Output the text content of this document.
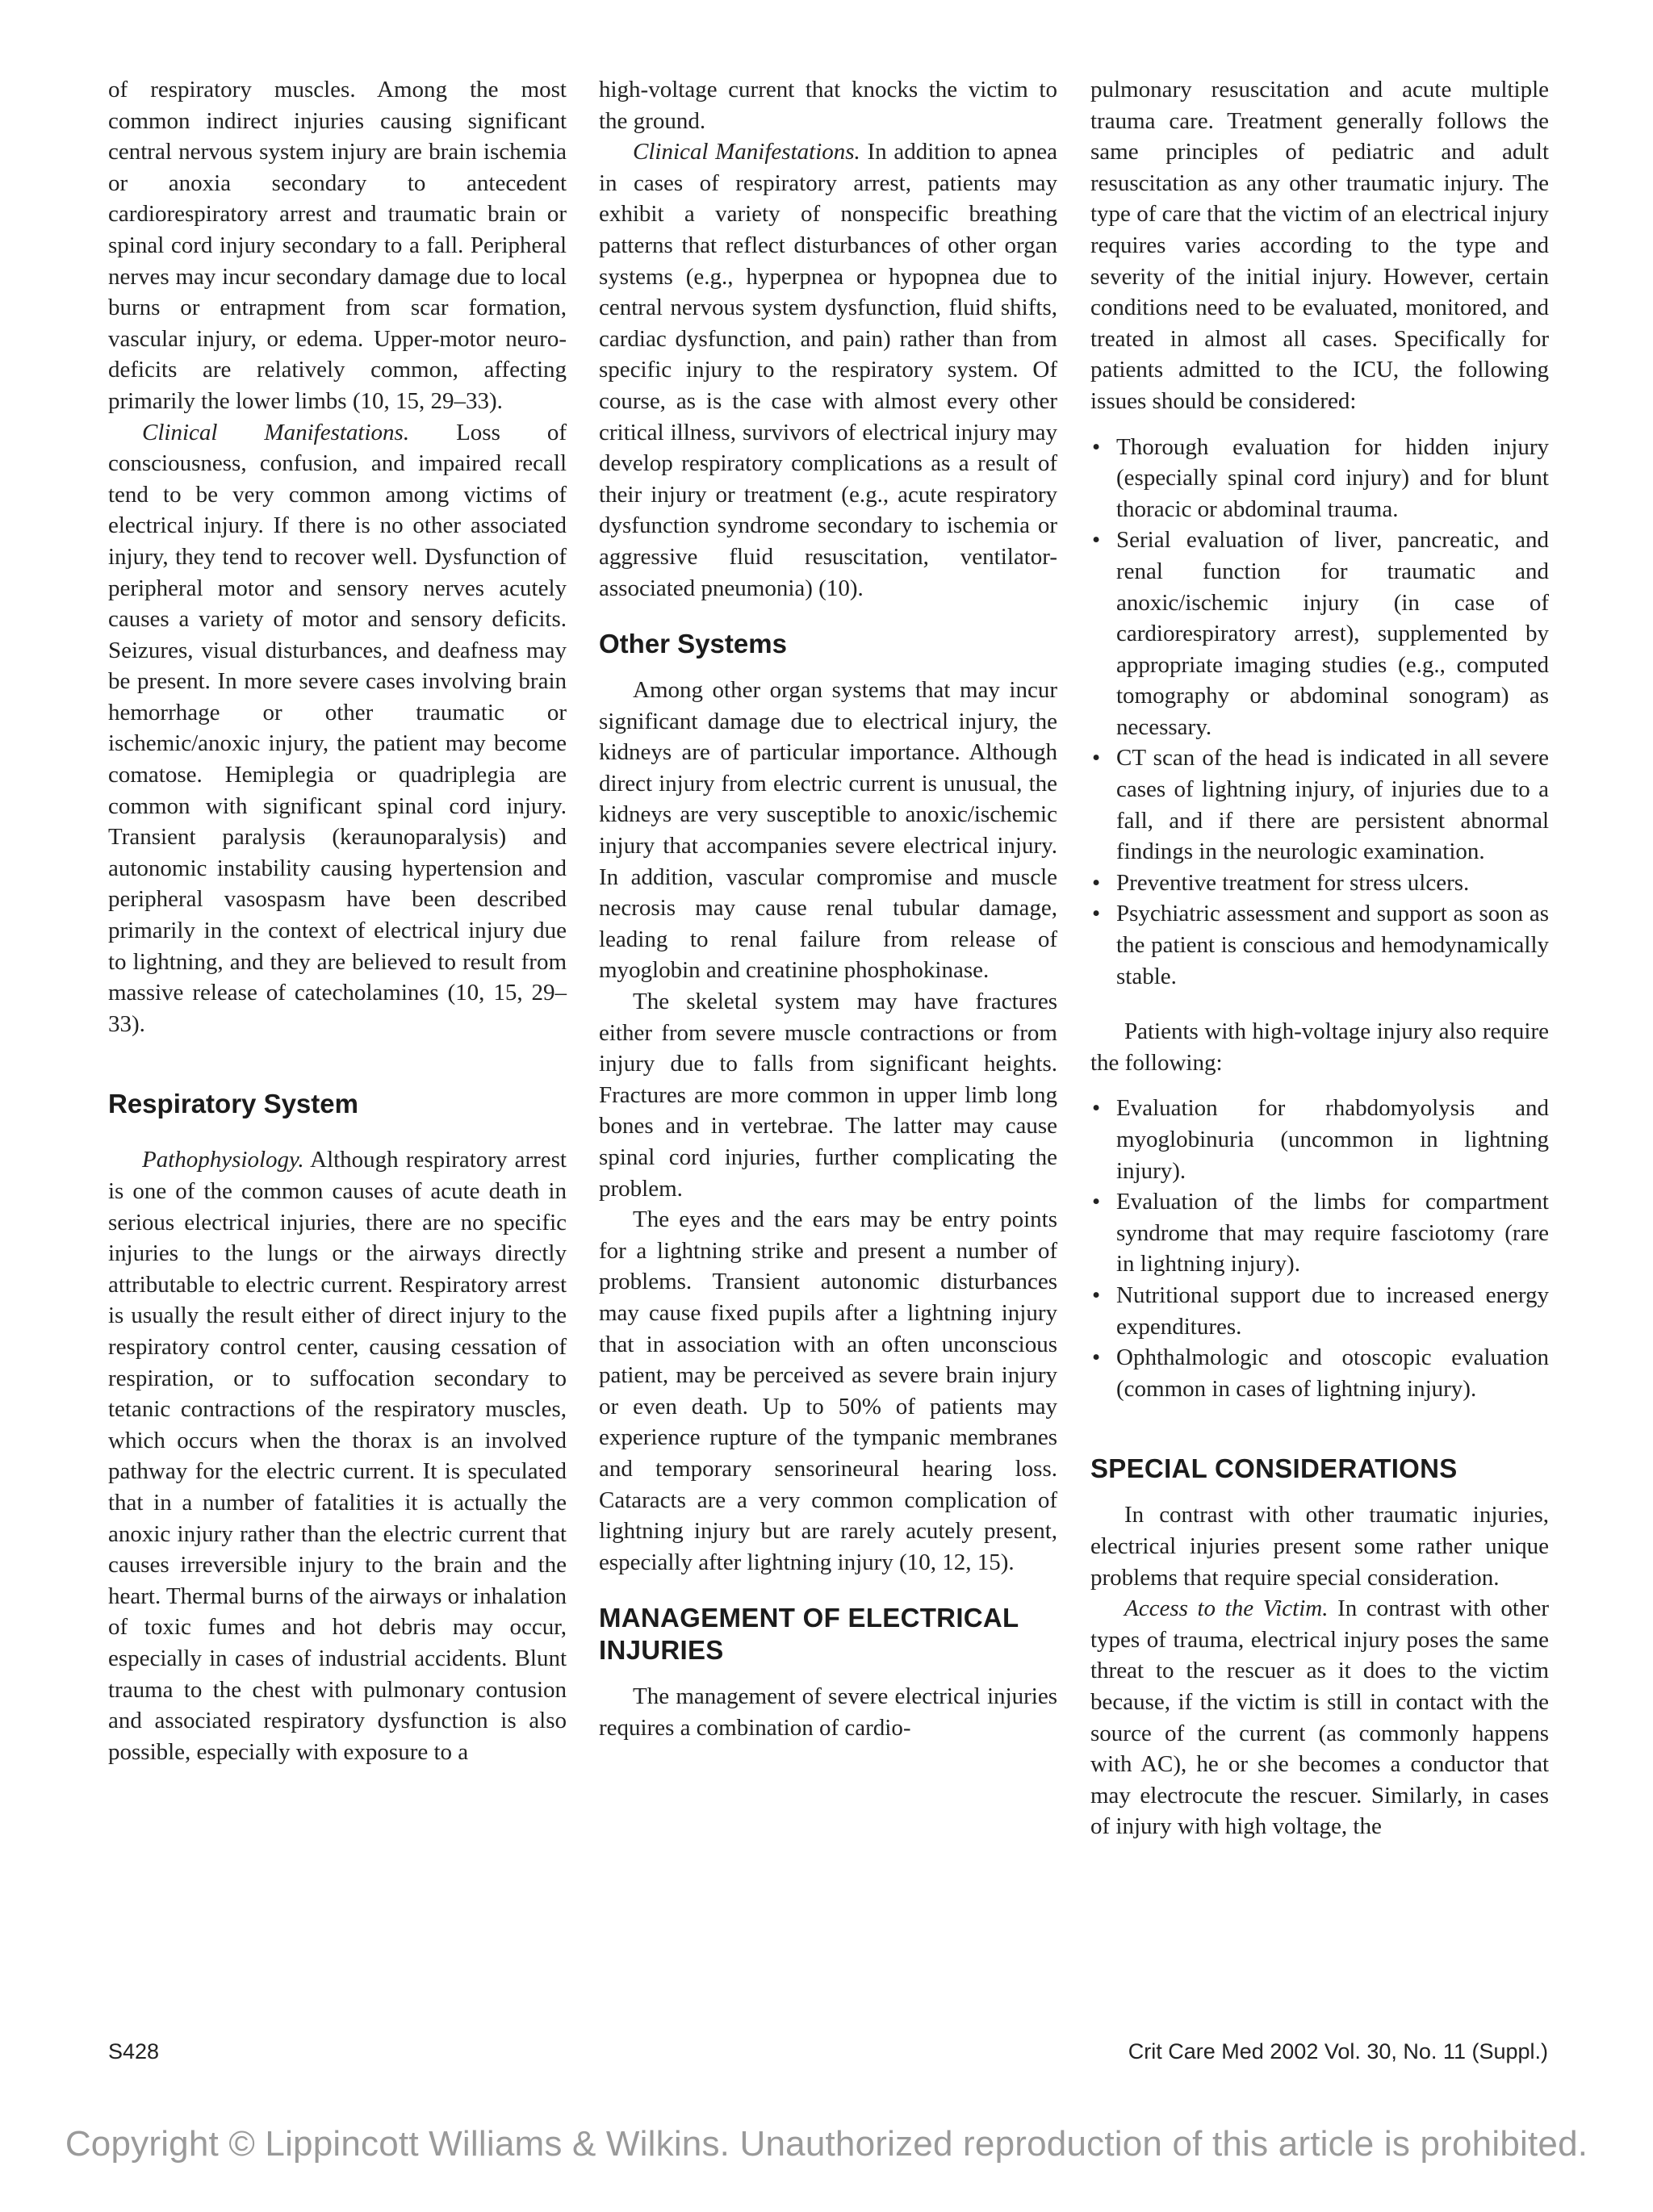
of respiratory muscles. Among the most common indirect injuries causing significant central nervous system injury are brain ischemia or anoxia secondary to antecedent cardiorespiratory arrest and traumatic brain or spinal cord injury secondary to a fall. Peripheral nerves may incur secondary damage due to local burns or entrapment from scar formation, vascular injury, or edema. Upper-motor neuro-deficits are relatively common, affecting primarily the lower limbs (10, 15, 29–33).

Clinical Manifestations. Loss of consciousness, confusion, and impaired recall tend to be very common among victims of electrical injury. If there is no other associated injury, they tend to recover well. Dysfunction of peripheral motor and sensory nerves acutely causes a variety of motor and sensory deficits. Seizures, visual disturbances, and deafness may be present. In more severe cases involving brain hemorrhage or other traumatic or ischemic/anoxic injury, the patient may become comatose. Hemiplegia or quadriplegia are common with significant spinal cord injury. Transient paralysis (keraunoparalysis) and autonomic instability causing hypertension and peripheral vasospasm have been described primarily in the context of electrical injury due to lightning, and they are believed to result from massive release of catecholamines (10, 15, 29–33).

Respiratory System

Pathophysiology. Although respiratory arrest is one of the common causes of acute death in serious electrical injuries, there are no specific injuries to the lungs or the airways directly attributable to electric current. Respiratory arrest is usually the result either of direct injury to the respiratory control center, causing cessation of respiration, or to suffocation secondary to tetanic contractions of the respiratory muscles, which occurs when the thorax is an involved pathway for the electric current. It is speculated that in a number of fatalities it is actually the anoxic injury rather than the electric current that causes irreversible injury to the brain and the heart. Thermal burns of the airways or inhalation of toxic fumes and hot debris may occur, especially in cases of industrial accidents. Blunt trauma to the chest with pulmonary contusion and associated respiratory dysfunction is also possible, especially with exposure to a

high-voltage current that knocks the victim to the ground.

Clinical Manifestations. In addition to apnea in cases of respiratory arrest, patients may exhibit a variety of nonspecific breathing patterns that reflect disturbances of other organ systems (e.g., hyperpnea or hypopnea due to central nervous system dysfunction, fluid shifts, cardiac dysfunction, and pain) rather than from specific injury to the respiratory system. Of course, as is the case with almost every other critical illness, survivors of electrical injury may develop respiratory complications as a result of their injury or treatment (e.g., acute respiratory dysfunction syndrome secondary to ischemia or aggressive fluid resuscitation, ventilator-associated pneumonia) (10).

Other Systems

Among other organ systems that may incur significant damage due to electrical injury, the kidneys are of particular importance. Although direct injury from electric current is unusual, the kidneys are very susceptible to anoxic/ischemic injury that accompanies severe electrical injury. In addition, vascular compromise and muscle necrosis may cause renal tubular damage, leading to renal failure from release of myoglobin and creatinine phosphokinase.

The skeletal system may have fractures either from severe muscle contractions or from injury due to falls from significant heights. Fractures are more common in upper limb long bones and in vertebrae. The latter may cause spinal cord injuries, further complicating the problem.

The eyes and the ears may be entry points for a lightning strike and present a number of problems. Transient autonomic disturbances may cause fixed pupils after a lightning injury that in association with an often unconscious patient, may be perceived as severe brain injury or even death. Up to 50% of patients may experience rupture of the tympanic membranes and temporary sensorineural hearing loss. Cataracts are a very common complication of lightning injury but are rarely acutely present, especially after lightning injury (10, 12, 15).

MANAGEMENT OF ELECTRICAL INJURIES

The management of severe electrical injuries requires a combination of cardio-

pulmonary resuscitation and acute multiple trauma care. Treatment generally follows the same principles of pediatric and adult resuscitation as any other traumatic injury. The type of care that the victim of an electrical injury requires varies according to the type and severity of the initial injury. However, certain conditions need to be evaluated, monitored, and treated in almost all cases. Specifically for patients admitted to the ICU, the following issues should be considered:

• Thorough evaluation for hidden injury (especially spinal cord injury) and for blunt thoracic or abdominal trauma.
• Serial evaluation of liver, pancreatic, and renal function for traumatic and anoxic/ischemic injury (in case of cardiorespiratory arrest), supplemented by appropriate imaging studies (e.g., computed tomography or abdominal sonogram) as necessary.
• CT scan of the head is indicated in all severe cases of lightning injury, of injuries due to a fall, and if there are persistent abnormal findings in the neurologic examination.
• Preventive treatment for stress ulcers.
• Psychiatric assessment and support as soon as the patient is conscious and hemodynamically stable.

Patients with high-voltage injury also require the following:

• Evaluation for rhabdomyolysis and myoglobinuria (uncommon in lightning injury).
• Evaluation of the limbs for compartment syndrome that may require fasciotomy (rare in lightning injury).
• Nutritional support due to increased energy expenditures.
• Ophthalmologic and otoscopic evaluation (common in cases of lightning injury).
SPECIAL CONSIDERATIONS

In contrast with other traumatic injuries, electrical injuries present some rather unique problems that require special consideration.

Access to the Victim. In contrast with other types of trauma, electrical injury poses the same threat to the rescuer as it does to the victim because, if the victim is still in contact with the source of the current (as commonly happens with AC), he or she becomes a conductor that may electrocute the rescuer. Similarly, in cases of injury with high voltage, the

S428	Crit Care Med 2002 Vol. 30, No. 11 (Suppl.)
Copyright © Lippincott Williams & Wilkins. Unauthorized reproduction of this article is prohibited.
